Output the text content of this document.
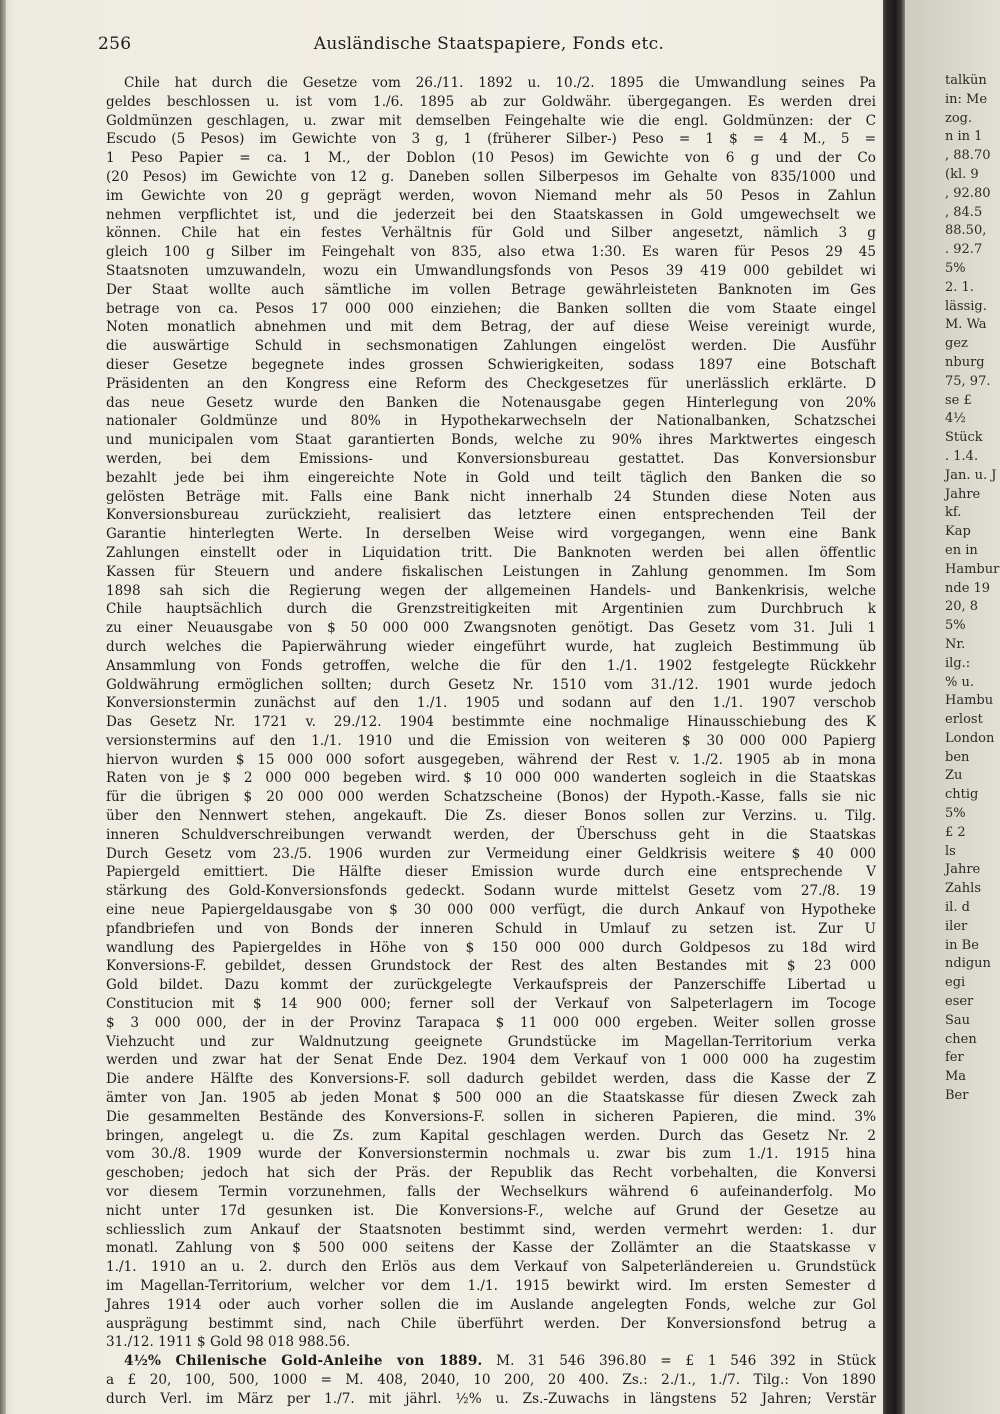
256	Ausländische Staatspapiere, Fonds etc.
Chile hat durch die Gesetze vom 26./11. 1892 u. 10./2. 1895 die Umwandlung seines Pa
geldes beschlossen u. ist vom 1./6. 1895 ab zur Goldwähr. übergegangen. Es werden drei
Goldmünzen geschlagen, u. zwar mit demselben Feingehalte wie die engl. Goldmünzen: der C
Escudo (5 Pesos) im Gewichte von 3 g, 1 (früherer Silber-) Peso = 1 $ = 4 M., 5 =
1 Peso Papier = ca. 1 M., der Doblon (10 Pesos) im Gewichte von 6 g und der Co
(20 Pesos) im Gewichte von 12 g. Daneben sollen Silberpesos im Gehalte von 835/1000 und
im Gewichte von 20 g geprägt werden, wovon Niemand mehr als 50 Pesos in Zahlun
nehmen verpflichtet ist, und die jederzeit bei den Staatskassen in Gold umgewechselt we
können. Chile hat ein festes Verhältnis für Gold und Silber angesetzt, nämlich 3 g
gleich 100 g Silber im Feingehalt von 835, also etwa 1:30. Es waren für Pesos 29 45
Staatsnoten umzuwandeln, wozu ein Umwandlungsfonds von Pesos 39 419 000 gebildet wi
Der Staat wollte auch sämtliche im vollen Betrage gewährleisteten Banknoten im Ges
betrage von ca. Pesos 17 000 000 einziehen; die Banken sollten die vom Staate eingel
Noten monatlich abnehmen und mit dem Betrag, der auf diese Weise vereinigt wurde,
die auswärtige Schuld in sechsmonatigen Zahlungen eingelöst werden. Die Ausführ
dieser Gesetze begegnete indes grossen Schwierigkeiten, sodass 1897 eine Botschaft
Präsidenten an den Kongress eine Reform des Checkgesetzes für unerlässlich erklärte. D
das neue Gesetz wurde den Banken die Notenausgabe gegen Hinterlegung von 20%
nationaler Goldmünze und 80% in Hypothekarwechseln der Nationalbanken, Schatzschei
und municipalen vom Staat garantierten Bonds, welche zu 90% ihres Marktwertes eingesch
werden, bei dem Emissions- und Konversionsbureau gestattet. Das Konversionsbur
bezahlt jede bei ihm eingereichte Note in Gold und teilt täglich den Banken die so
gelösten Beträge mit. Falls eine Bank nicht innerhalb 24 Stunden diese Noten aus
Konversionsbureau zurückzieht, realisiert das letztere einen entsprechenden Teil der
Garantie hinterlegten Werte. In derselben Weise wird vorgegangen, wenn eine Bank
Zahlungen einstellt oder in Liquidation tritt. Die Banknoten werden bei allen öffentlic
Kassen für Steuern und andere fiskalischen Leistungen in Zahlung genommen. Im Som
1898 sah sich die Regierung wegen der allgemeinen Handels- und Bankenkrisis, welche
Chile hauptsächlich durch die Grenzstreitigkeiten mit Argentinien zum Durchbruch k
zu einer Neuausgabe von $ 50 000 000 Zwangsnoten genötigt. Das Gesetz vom 31. Juli 1
durch welches die Papierwährung wieder eingeführt wurde, hat zugleich Bestimmung üb
Ansammlung von Fonds getroffen, welche die für den 1./1. 1902 festgelegte Rückkehr
Goldwährung ermöglichen sollten; durch Gesetz Nr. 1510 vom 31./12. 1901 wurde jedoch
Konversionstermin zunächst auf den 1./1. 1905 und sodann auf den 1./1. 1907 verschob
Das Gesetz Nr. 1721 v. 29./12. 1904 bestimmte eine nochmalige Hinausschiebung des K
versionstermins auf den 1./1. 1910 und die Emission von weiteren $ 30 000 000 Papierg
hiervon wurden $ 15 000 000 sofort ausgegeben, während der Rest v. 1./2. 1905 ab in mona
Raten von je $ 2 000 000 begeben wird. $ 10 000 000 wanderten sogleich in die Staatskas
für die übrigen $ 20 000 000 werden Schatzscheine (Bonos) der Hypoth.-Kasse, falls sie nic
über den Nennwert stehen, angekauft. Die Zs. dieser Bonos sollen zur Verzins. u. Tilg.
inneren Schuldverschreibungen verwandt werden, der Überschuss geht in die Staatskas
Durch Gesetz vom 23./5. 1906 wurden zur Vermeidung einer Geldkrisis weitere $ 40 000
Papiergeld emittiert. Die Hälfte dieser Emission wurde durch eine entsprechende V
stärkung des Gold-Konversionsfonds gedeckt. Sodann wurde mittelst Gesetz vom 27./8. 19
eine neue Papiergeldausgabe von $ 30 000 000 verfügt, die durch Ankauf von Hypotheke
pfandbriefen und von Bonds der inneren Schuld in Umlauf zu setzen ist. Zur U
wandlung des Papiergeldes in Höhe von $ 150 000 000 durch Goldpesos zu 18d wird
Konversions-F. gebildet, dessen Grundstock der Rest des alten Bestandes mit $ 23 000
Gold bildet. Dazu kommt der zurückgelegte Verkaufspreis der Panzerschiffe Libertad u
Constitucion mit $ 14 900 000; ferner soll der Verkauf von Salpeterlagern im Tocoge
$ 3 000 000, der in der Provinz Tarapaca $ 11 000 000 ergeben. Weiter sollen grosse
Viehzucht und zur Waldnutzung geeignete Grundstücke im Magellan-Territorium verka
werden und zwar hat der Senat Ende Dez. 1904 dem Verkauf von 1 000 000 ha zugestim
Die andere Hälfte des Konversions-F. soll dadurch gebildet werden, dass die Kasse der Z
ämter von Jan. 1905 ab jeden Monat $ 500 000 an die Staatskasse für diesen Zweck zah
Die gesammelten Bestände des Konversions-F. sollen in sicheren Papieren, die mind. 3%
bringen, angelegt u. die Zs. zum Kapital geschlagen werden. Durch das Gesetz Nr. 2
vom 30./8. 1909 wurde der Konversionstermin nochmals u. zwar bis zum 1./1. 1915 hina
geschoben; jedoch hat sich der Präs. der Republik das Recht vorbehalten, die Konversi
vor diesem Termin vorzunehmen, falls der Wechselkurs während 6 aufeinanderfolg. Mo
nicht unter 17d gesunken ist. Die Konversions-F., welche auf Grund der Gesetze au
schliesslich zum Ankauf der Staatsnoten bestimmt sind, werden vermehrt werden: 1. dur
monatl. Zahlung von $ 500 000 seitens der Kasse der Zollämter an die Staatskasse v
1./1. 1910 an u. 2. durch den Erlös aus dem Verkauf von Salpeterländereien u. Grundstück
im Magellan-Territorium, welcher vor dem 1./1. 1915 bewirkt wird. Im ersten Semester d
Jahres 1914 oder auch vorher sollen die im Auslande angelegten Fonds, welche zur Gol
ausprägung bestimmt sind, nach Chile überführt werden. Der Konversionsfond betrug a
31./12. 1911 $ Gold 98 018 988.56.
4½% Chilenische Gold-Anleihe von 1889. M. 31 546 396.80 = £ 1 546 392 in Stück
a £ 20, 100, 500, 1000 = M. 408, 2040, 10 200, 20 400. Zs.: 2./1., 1./7. Tilg.: Von 1890
durch Verl. im März per 1./7. mit jährl. ½% u. Zs.-Zuwachs in längstens 52 Jahren; Verstär
talkün
in: Me
zog.
n in 1
, 88.70
(kl. 9
, 92.80
, 84.5
88.50,
. 92.7
5%
2. 1.
lässig.
M. Wa
gez
nburg
75, 97.
se £
4½
Stück
. 1.4.
Jan. u. J
Jahre
kf.
Kap
en in
Hambur
nde 19
20, 8
5%
Nr.
ilg.:
% u.
Hambu
erlost
London
ben
Zu
chtig
5%
£ 2
ls
Jahre
Zahls
il. d
iler
in Be
ndigun
egi
eser
Sau
chen
fer
Ma
Ber
